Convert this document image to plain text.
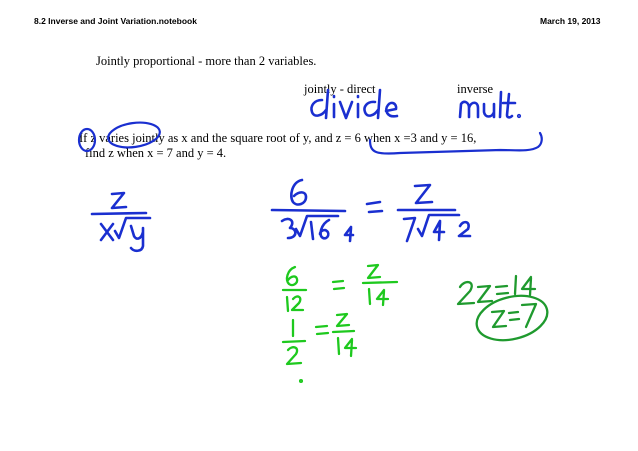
8.2 Inverse and Joint Variation.notebook	March 19, 2013
Jointly proportional - more than 2 variables.
jointly - direct	inverse
If z varies jointly as x and the square root of y, and z = 6 when x =3 and y = 16,
find z when x = 7 and y = 4.
